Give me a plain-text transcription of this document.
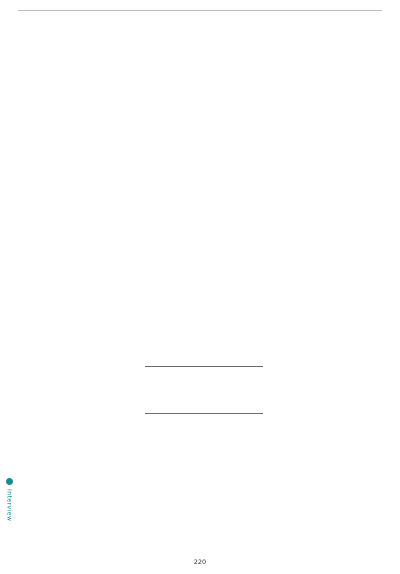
Interview
220
